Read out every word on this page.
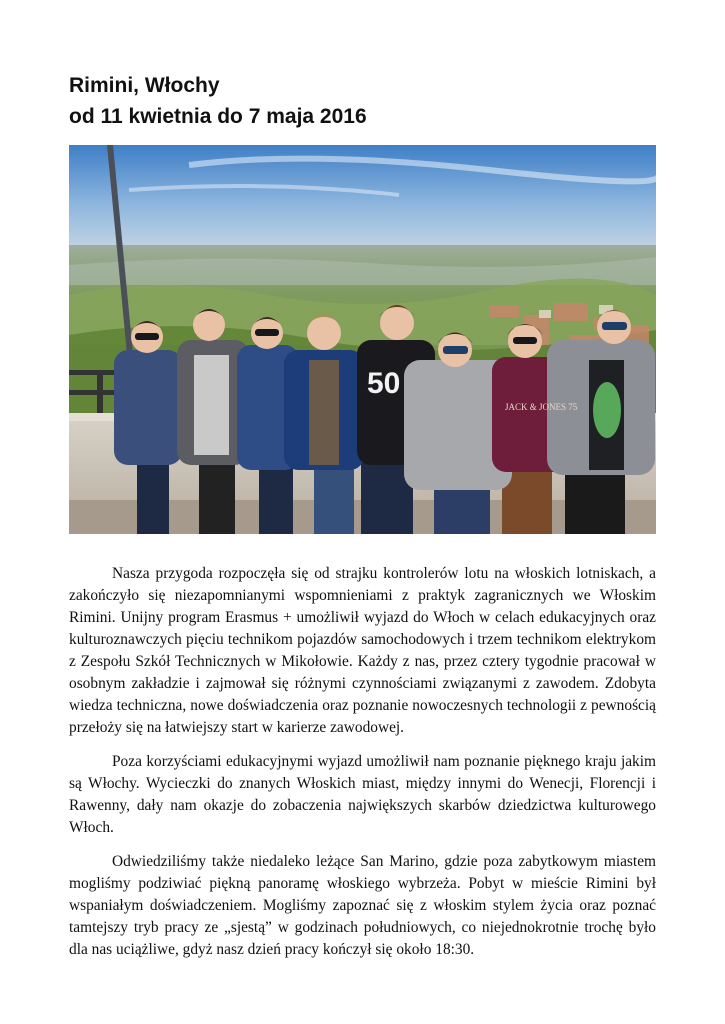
Rimini, Włochy
od 11 kwietnia do 7 maja 2016
50
JACK & JONES 75

Nasza przygoda rozpoczęła się od strajku kontrolerów lotu na włoskich lotniskach, a zakończyło się niezapomnianymi wspomnieniami z praktyk zagranicznych we Włoskim Rimini. Unijny program Erasmus + umożliwił wyjazd do Włoch w celach edukacyjnych oraz kulturoznawczych pięciu technikom pojazdów samochodowych i trzem technikom elektrykom z Zespołu Szkół Technicznych w Mikołowie. Każdy z nas, przez cztery tygodnie pracował w osobnym zakładzie i zajmował się różnymi czynnościami związanymi z zawodem. Zdobyta wiedza techniczna, nowe doświadczenia oraz poznanie nowoczesnych technologii z pewnością przełoży się na łatwiejszy start w karierze zawodowej.

Poza korzyściami edukacyjnymi wyjazd umożliwił nam poznanie pięknego kraju jakim są Włochy. Wycieczki do znanych Włoskich miast, między innymi do Wenecji, Florencji i Rawenny, dały nam okazje do zobaczenia największych skarbów dziedzictwa kulturowego Włoch.

Odwiedziliśmy także niedaleko leżące San Marino, gdzie poza zabytkowym miastem mogliśmy podziwiać piękną panoramę włoskiego wybrzeża. Pobyt w mieście Rimini był wspaniałym doświadczeniem. Mogliśmy zapoznać się z włoskim stylem życia oraz poznać tamtejszy tryb pracy ze „sjestą” w godzinach południowych, co niejednokrotnie trochę było dla nas uciążliwe, gdyż nasz dzień pracy kończył się około 18:30.
